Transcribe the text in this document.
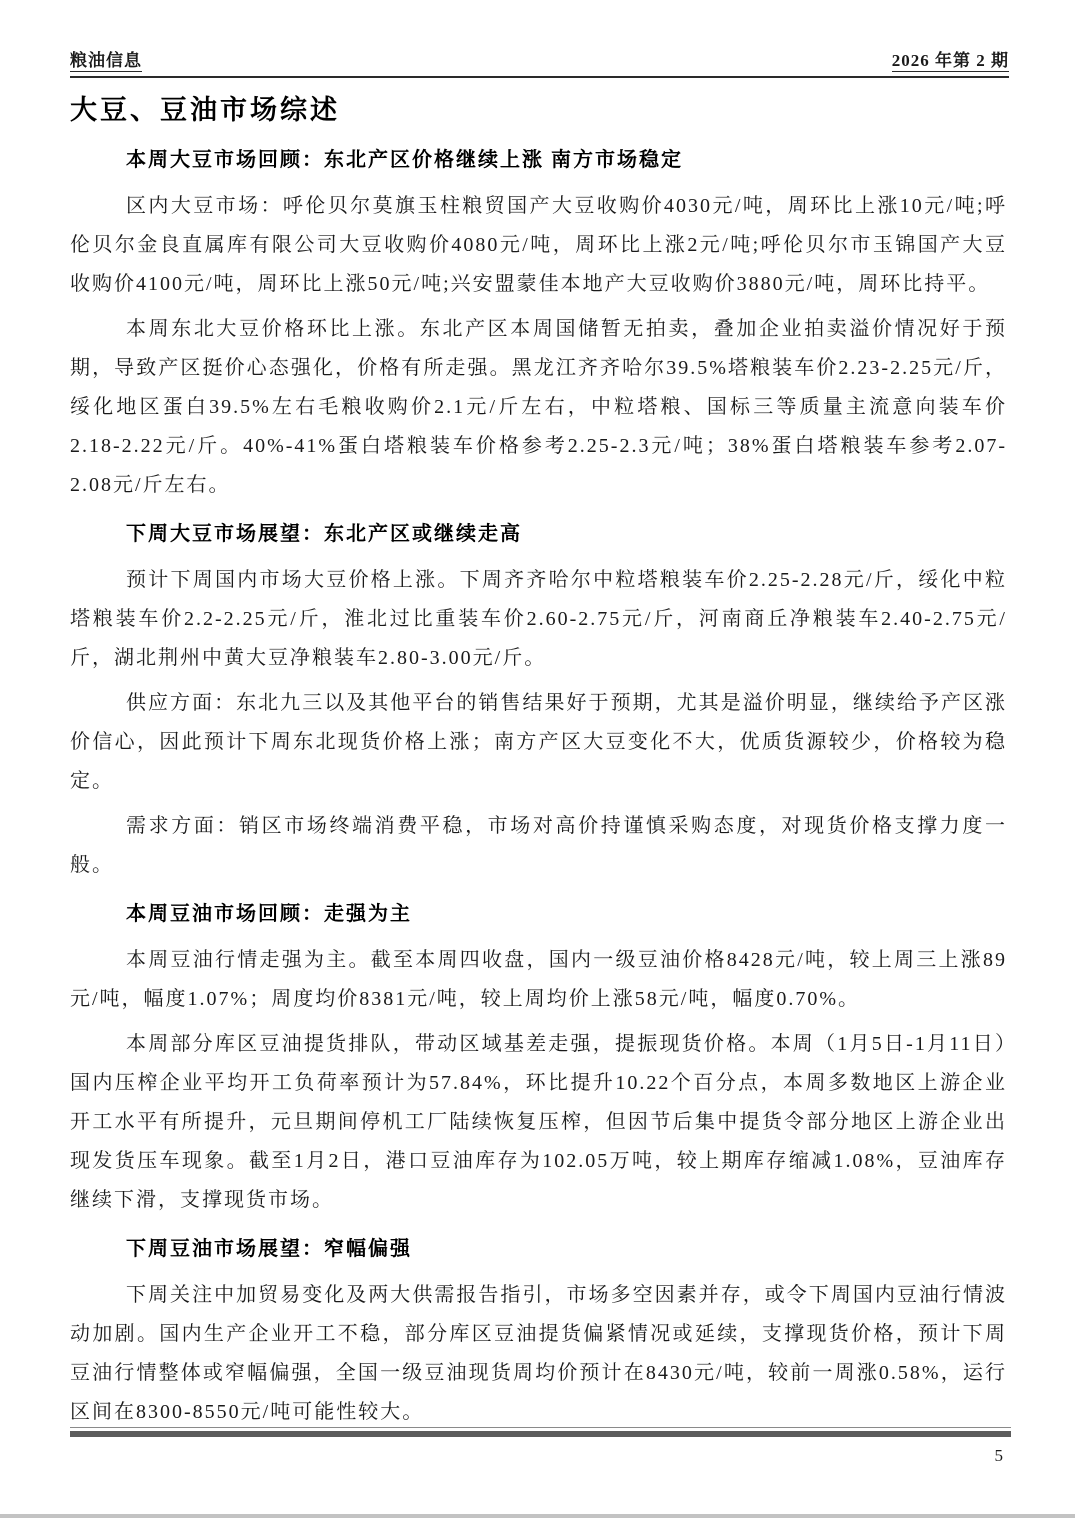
粮油信息	2026 年第 2 期
大豆、豆油市场综述
本周大豆市场回顾：东北产区价格继续上涨 南方市场稳定

区内大豆市场：呼伦贝尔莫旗玉柱粮贸国产大豆收购价4030元/吨，周环比上涨10元/吨;呼伦贝尔金良直属库有限公司大豆收购价4080元/吨，周环比上涨2元/吨;呼伦贝尔市玉锦国产大豆收购价4100元/吨，周环比上涨50元/吨;兴安盟蒙佳本地产大豆收购价3880元/吨，周环比持平。

本周东北大豆价格环比上涨。东北产区本周国储暂无拍卖，叠加企业拍卖溢价情况好于预期，导致产区挺价心态强化，价格有所走强。黑龙江齐齐哈尔39.5%塔粮装车价2.23-2.25元/斤，绥化地区蛋白39.5%左右毛粮收购价2.1元/斤左右，中粒塔粮、国标三等质量主流意向装车价2.18-2.22元/斤。40%-41%蛋白塔粮装车价格参考2.25-2.3元/吨；38%蛋白塔粮装车参考2.07-2.08元/斤左右。

下周大豆市场展望：东北产区或继续走高

预计下周国内市场大豆价格上涨。下周齐齐哈尔中粒塔粮装车价2.25-2.28元/斤，绥化中粒塔粮装车价2.2-2.25元/斤，淮北过比重装车价2.60-2.75元/斤，河南商丘净粮装车2.40-2.75元/斤，湖北荆州中黄大豆净粮装车2.80-3.00元/斤。

供应方面：东北九三以及其他平台的销售结果好于预期，尤其是溢价明显，继续给予产区涨价信心，因此预计下周东北现货价格上涨；南方产区大豆变化不大，优质货源较少，价格较为稳定。

需求方面：销区市场终端消费平稳，市场对高价持谨慎采购态度，对现货价格支撑力度一般。

本周豆油市场回顾：走强为主

本周豆油行情走强为主。截至本周四收盘，国内一级豆油价格8428元/吨，较上周三上涨89元/吨，幅度1.07%；周度均价8381元/吨，较上周均价上涨58元/吨，幅度0.70%。

本周部分库区豆油提货排队，带动区域基差走强，提振现货价格。本周（1月5日-1月11日）国内压榨企业平均开工负荷率预计为57.84%，环比提升10.22个百分点，本周多数地区上游企业开工水平有所提升，元旦期间停机工厂陆续恢复压榨，但因节后集中提货令部分地区上游企业出现发货压车现象。截至1月2日，港口豆油库存为102.05万吨，较上期库存缩减1.08%，豆油库存继续下滑，支撑现货市场。

下周豆油市场展望：窄幅偏强

下周关注中加贸易变化及两大供需报告指引，市场多空因素并存，或令下周国内豆油行情波动加剧。国内生产企业开工不稳，部分库区豆油提货偏紧情况或延续，支撑现货价格，预计下周豆油行情整体或窄幅偏强，全国一级豆油现货周均价预计在8430元/吨，较前一周涨0.58%，运行区间在8300-8550元/吨可能性较大。

5
